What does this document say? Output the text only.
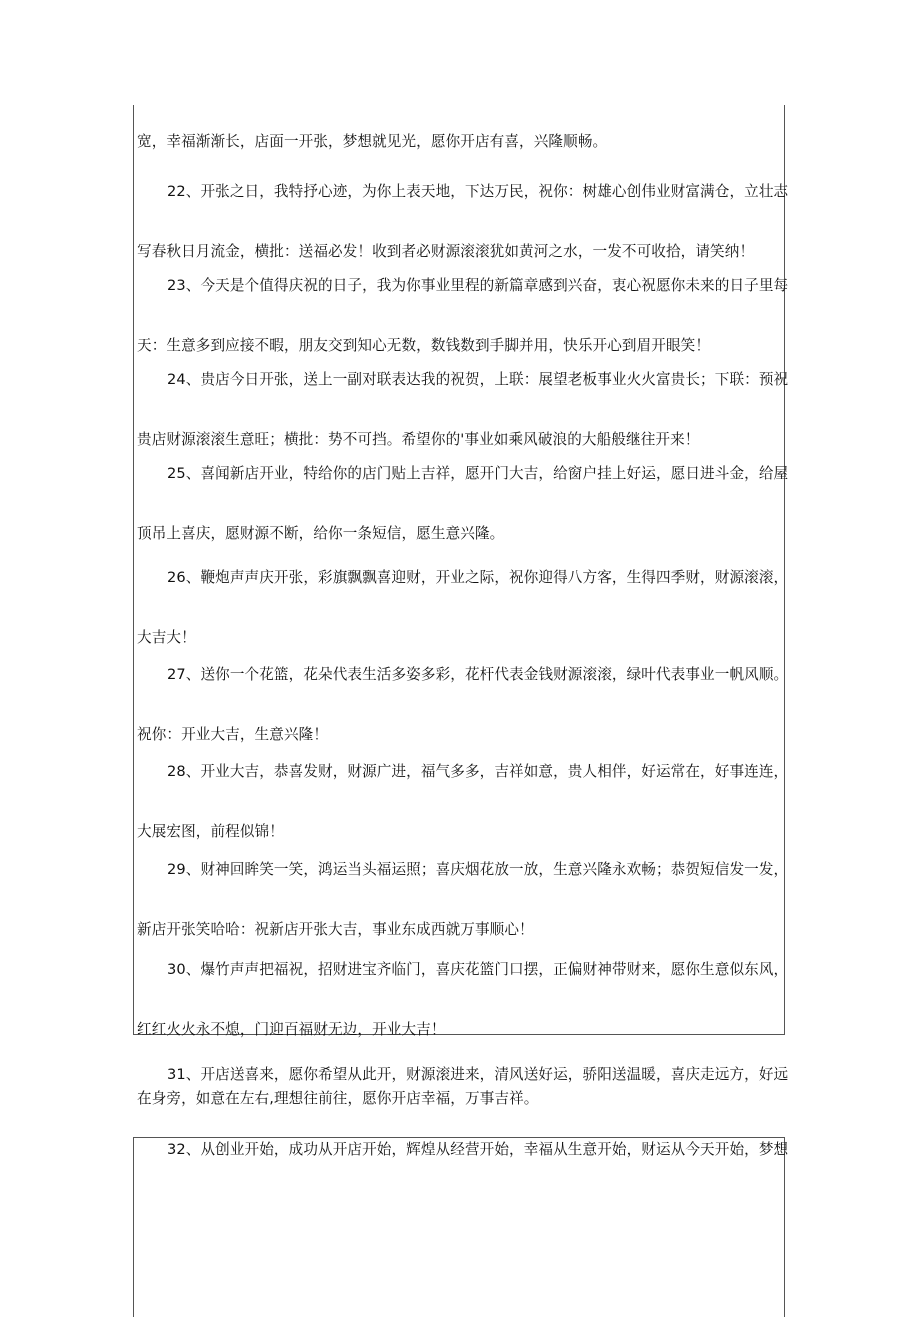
宽，幸福渐渐长，店面一开张，梦想就见光，愿你开店有喜，兴隆顺畅。
22、开张之日，我特抒心迹，为你上表天地，下达万民，祝你：树雄心创伟业财富满仓，立壮志
写春秋日月流金，横批：送福必发！收到者必财源滚滚犹如黄河之水，一发不可收拾，请笑纳！
23、今天是个值得庆祝的日子，我为你事业里程的新篇章感到兴奋，衷心祝愿你未来的日子里每
天：生意多到应接不暇，朋友交到知心无数，数钱数到手脚并用，快乐开心到眉开眼笑！
24、贵店今日开张，送上一副对联表达我的祝贺，上联：展望老板事业火火富贵长；下联：预祝
贵店财源滚滚生意旺；横批：势不可挡。希望你的'事业如乘风破浪的大船般继往开来！
25、喜闻新店开业，特给你的店门贴上吉祥，愿开门大吉，给窗户挂上好运，愿日进斗金，给屋
顶吊上喜庆，愿财源不断，给你一条短信，愿生意兴隆。
26、鞭炮声声庆开张，彩旗飘飘喜迎财，开业之际，祝你迎得八方客，生得四季财，财源滚滚，
大吉大！
27、送你一个花篮，花朵代表生活多姿多彩，花杆代表金钱财源滚滚，绿叶代表事业一帆风顺。
祝你：开业大吉，生意兴隆！
28、开业大吉，恭喜发财，财源广进，福气多多，吉祥如意，贵人相伴，好运常在，好事连连，
大展宏图，前程似锦！
29、财神回眸笑一笑，鸿运当头福运照；喜庆烟花放一放，生意兴隆永欢畅；恭贺短信发一发，
新店开张笑哈哈：祝新店开张大吉，事业东成西就万事顺心！
30、爆竹声声把福祝，招财进宝齐临门，喜庆花篮门口摆，正偏财神带财来，愿你生意似东风，
红红火火永不熄，门迎百福财无边，开业大吉！
31、开店送喜来，愿你希望从此开，财源滚进来，清风送好运，骄阳送温暖，喜庆走远方，好远
在身旁，如意在左右,理想往前往，愿你开店幸福，万事吉祥。
32、从创业开始，成功从开店开始，辉煌从经营开始，幸福从生意开始，财运从今天开始，梦想
